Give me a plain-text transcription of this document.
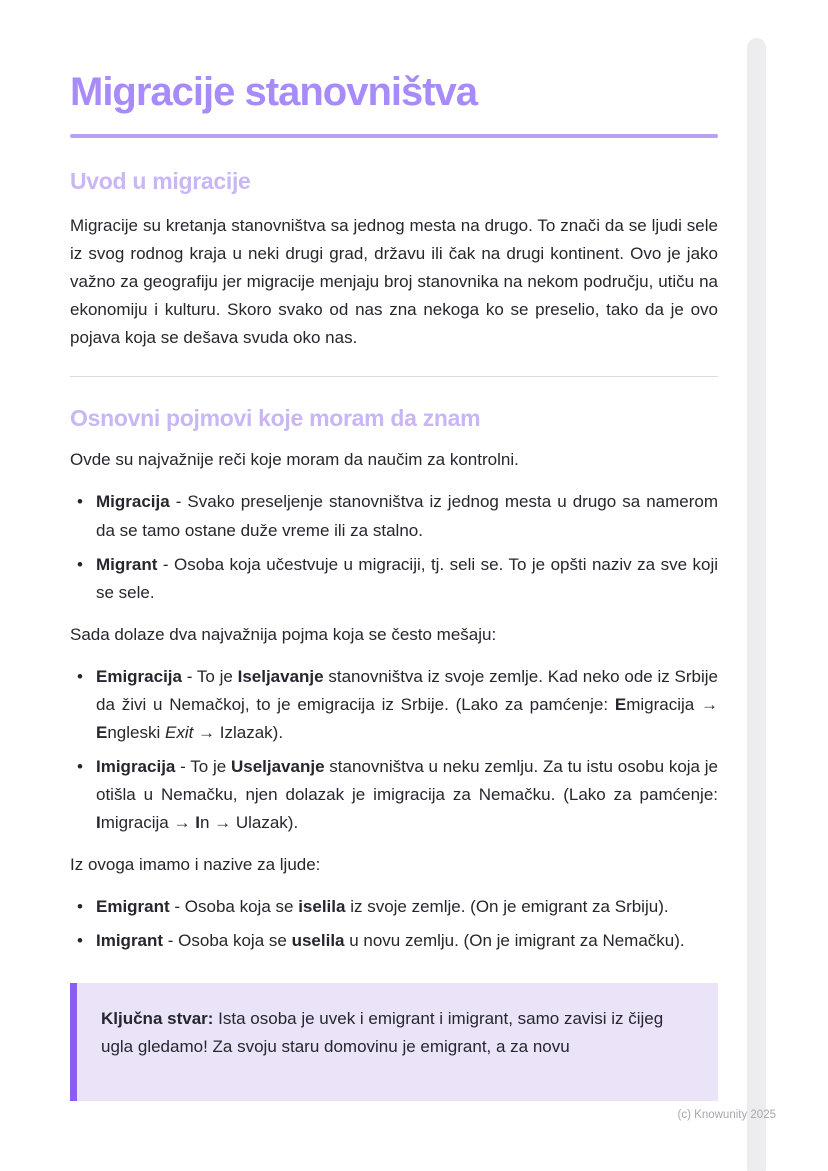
Migracije stanovništva
Uvod u migracije

Migracije su kretanja stanovništva sa jednog mesta na drugo. To znači da se ljudi sele iz svog rodnog kraja u neki drugi grad, državu ili čak na drugi kontinent. Ovo je jako važno za geografiju jer migracije menjaju broj stanovnika na nekom području, utiču na ekonomiju i kulturu. Skoro svako od nas zna nekoga ko se preselio, tako da je ovo pojava koja se dešava svuda oko nas.

Osnovni pojmovi koje moram da znam

Ovde su najvažnije reči koje moram da naučim za kontrolni.

• Migracija - Svako preseljenje stanovništva iz jednog mesta u drugo sa namerom da se tamo ostane duže vreme ili za stalno.
• Migrant - Osoba koja učestvuje u migraciji, tj. seli se. To je opšti naziv za sve koji se sele.

Sada dolaze dva najvažnija pojma koja se često mešaju:

• Emigracija - To je Iseljavanje stanovništva iz svoje zemlje. Kad neko ode iz Srbije da živi u Nemačkoj, to je emigracija iz Srbije. (Lako za pamćenje: Emigracija → Engleski Exit → Izlazak).
• Imigracija - To je Useljavanje stanovništva u neku zemlju. Za tu istu osobu koja je otišla u Nemačku, njen dolazak je imigracija za Nemačku. (Lako za pamćenje: Imigracija → In → Ulazak).

Iz ovoga imamo i nazive za ljude:

• Emigrant - Osoba koja se iselila iz svoje zemlje. (On je emigrant za Srbiju).
• Imigrant - Osoba koja se uselila u novu zemlju. (On je imigrant za Nemačku).
Ključna stvar: Ista osoba je uvek i emigrant i imigrant, samo zavisi iz čijeg ugla gledamo! Za svoju staru domovinu je emigrant, a za novu
(c) Knowunity 2025
